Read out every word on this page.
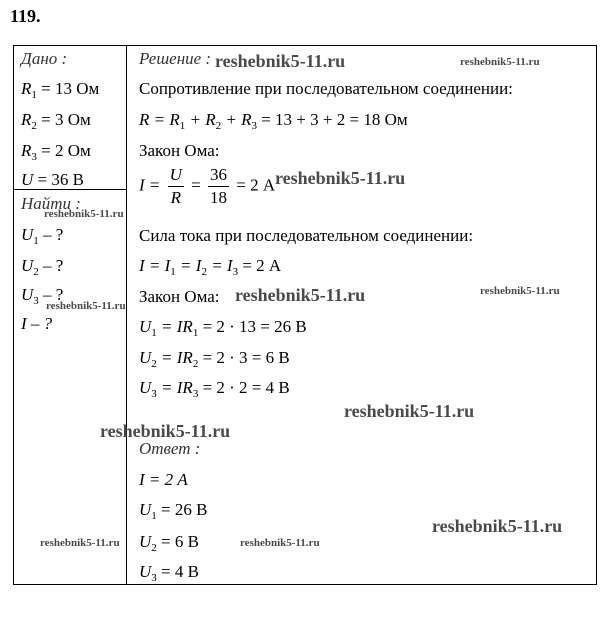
119.
Дано :
$R_1 = 13$ Ом
$R_2 = 3$ Ом
$R_3 = 2$ Ом
U = 36 В
Найти :
$U_1$ – ?
$U_2$ – ?
$U_3$ – ?
I – ?
Решение :
Сопротивление при последовательном соединении:
$R = R_1 + R_2 + R_3 = 13 + 3 + 2 = 18$ Ом
Закон Ома:
$I = \frac{U}{R} = \frac{36}{18} = 2$ А
Сила тока при последовательном соединении:
$I = I_1 = I_2 = I_3 = 2$ А
Закон Ома:
$U_1 = IR_1 = 2 \cdot 13 = 26$ В
$U_2 = IR_2 = 2 \cdot 3 = 6$ В
$U_3 = IR_3 = 2 \cdot 2 = 4$ В
Ответ :
I = 2 А
$U_1 = 26$ В
$U_2 = 6$ В
$U_3 = 4$ В
reshebnik5-11.ru	reshebnik5-11.ru
reshebnik5-11.ru
reshebnik5-11.ru
reshebnik5-11.ru	reshebnik5-11.ru
reshebnik5-11.ru
reshebnik5-11.ru
reshebnik5-11.ru
reshebnik5-11.ru
reshebnik5-11.ru	reshebnik5-11.ru
